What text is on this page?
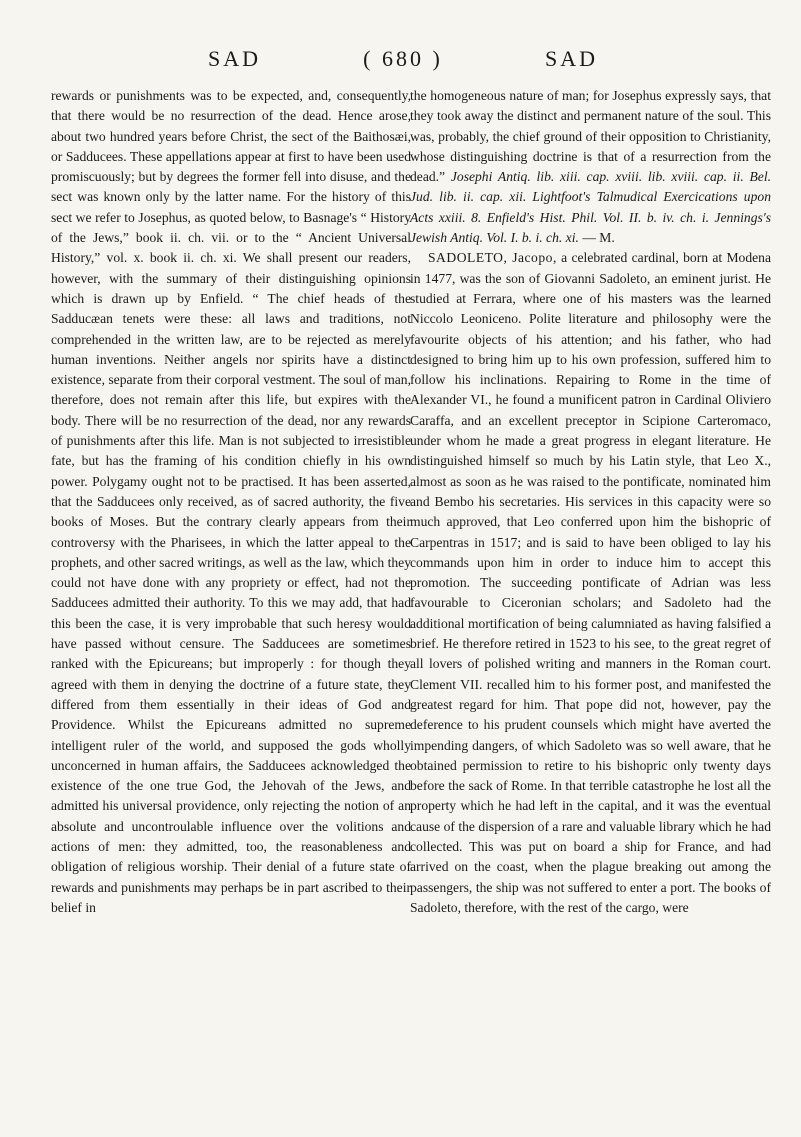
SAD	( 680 )	SAD

rewards or punishments was to be expected, and, consequently, that there would be no resurrection of the dead. Hence arose, about two hundred years before Christ, the sect of the Baithosæi, or Sadducees. These appellations appear at first to have been used promiscuously; but by degrees the former fell into disuse, and the sect was known only by the latter name. For the history of this sect we refer to Josephus, as quoted below, to Basnage's “ History of the Jews,” book ii. ch. vii. or to the “ Ancient Universal History,” vol. x. book ii. ch. xi. We shall present our readers, however, with the summary of their distinguishing opinions which is drawn up by Enfield. “ The chief heads of the Sadducæan tenets were these: all laws and traditions, not comprehended in the written law, are to be rejected as merely human inventions. Neither angels nor spirits have a distinct existence, separate from their corporal vestment. The soul of man, therefore, does not remain after this life, but expires with the body. There will be no resurrection of the dead, nor any rewards of punishments after this life. Man is not subjected to irresistible fate, but has the framing of his condition chiefly in his own power. Polygamy ought not to be practised. It has been asserted, that the Sadducees only received, as of sacred authority, the five books of Moses. But the contrary clearly appears from their controversy with the Pharisees, in which the latter appeal to the prophets, and other sacred writings, as well as the law, which they could not have done with any propriety or effect, had not the Sadducees admitted their authority. To this we may add, that had this been the case, it is very improbable that such heresy would have passed without censure. The Sadducees are sometimes ranked with the Epicureans; but improperly : for though they agreed with them in denying the doctrine of a future state, they differed from them essentially in their ideas of God and Providence. Whilst the Epicureans admitted no supreme intelligent ruler of the world, and supposed the gods wholly unconcerned in human affairs, the Sadducees acknowledged the existence of the one true God, the Jehovah of the Jews, and admitted his universal providence, only rejecting the notion of an absolute and uncontroulable influence over the volitions and actions of men: they admitted, too, the reasonableness and obligation of religious worship. Their denial of a future state of rewards and punishments may perhaps be in part ascribed to their belief in

the homogeneous nature of man; for Josephus expressly says, that they took away the distinct and permanent nature of the soul. This was, probably, the chief ground of their opposition to Christianity, whose distinguishing doctrine is that of a resurrection from the dead.” Josephi Antiq. lib. xiii. cap. xviii. lib. xviii. cap. ii. Bel. Jud. lib. ii. cap. xii. Lightfoot's Talmudical Exercications upon Acts xxiii. 8. Enfield's Hist. Phil. Vol. II. b. iv. ch. i. Jennings's Jewish Antiq. Vol. I. b. i. ch. xi. — M.

SADOLETO, Jacopo, a celebrated cardinal, born at Modena in 1477, was the son of Giovanni Sadoleto, an eminent jurist. He studied at Ferrara, where one of his masters was the learned Niccolo Leoniceno. Polite literature and philosophy were the favourite objects of his attention; and his father, who had designed to bring him up to his own profession, suffered him to follow his inclinations. Repairing to Rome in the time of Alexander VI., he found a munificent patron in Cardinal Oliviero Caraffa, and an excellent preceptor in Scipione Carteromaco, under whom he made a great progress in elegant literature. He distinguished himself so much by his Latin style, that Leo X., almost as soon as he was raised to the pontificate, nominated him and Bembo his secretaries. His services in this capacity were so much approved, that Leo conferred upon him the bishopric of Carpentras in 1517; and is said to have been obliged to lay his commands upon him in order to induce him to accept this promotion. The succeeding pontificate of Adrian was less favourable to Ciceronian scholars; and Sadoleto had the additional mortification of being calumniated as having falsified a brief. He therefore retired in 1523 to his see, to the great regret of all lovers of polished writing and manners in the Roman court. Clement VII. recalled him to his former post, and manifested the greatest regard for him. That pope did not, however, pay the deference to his prudent counsels which might have averted the impending dangers, of which Sadoleto was so well aware, that he obtained permission to retire to his bishopric only twenty days before the sack of Rome. In that terrible catastrophe he lost all the property which he had left in the capital, and it was the eventual cause of the dispersion of a rare and valuable library which he had collected. This was put on board a ship for France, and had arrived on the coast, when the plague breaking out among the passengers, the ship was not suffered to enter a port. The books of Sadoleto, therefore, with the rest of the cargo, were
